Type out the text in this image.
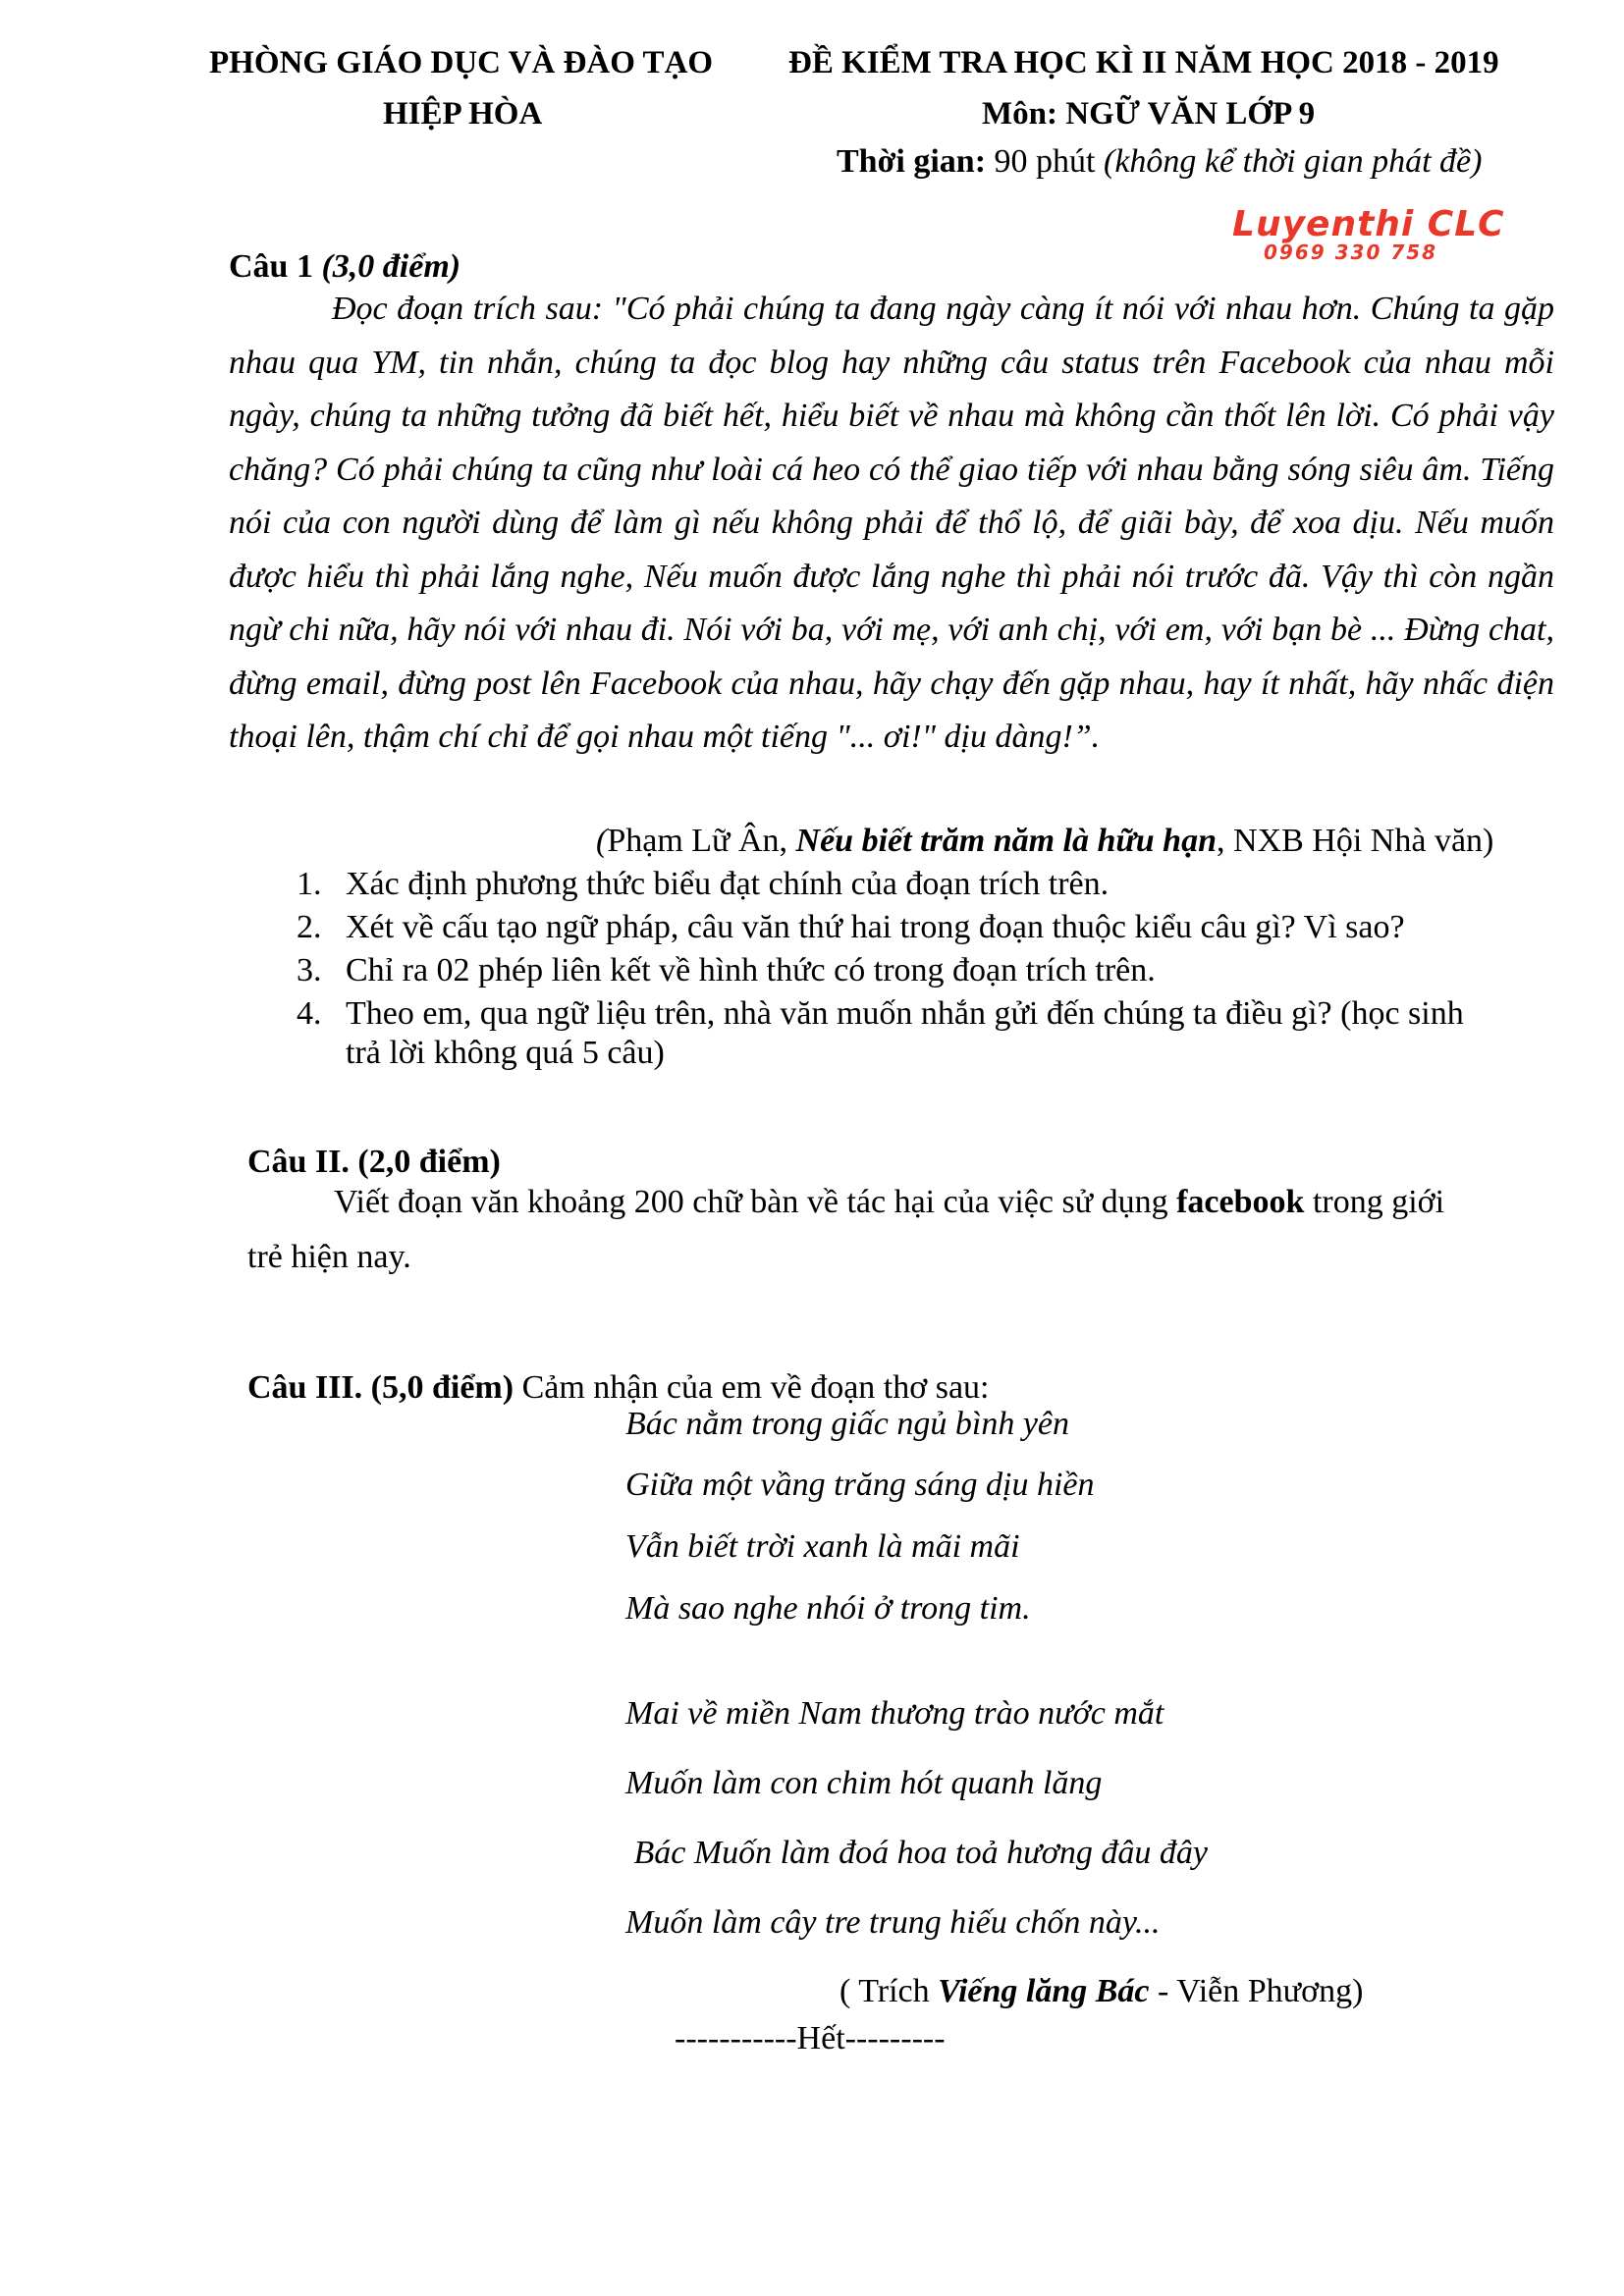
PHÒNG GIÁO DỤC VÀ ĐÀO TẠO
HIỆP HÒA
ĐỀ KIỂM TRA HỌC KÌ II NĂM HỌC 2018 - 2019
Môn: NGỮ VĂN LỚP 9
Thời gian: 90 phút (không kể thời gian phát đề)
Luyenthi CLC
0969 330 758
Câu 1 (3,0 điểm)

Đọc đoạn trích sau: "Có phải chúng ta đang ngày càng ít nói với nhau hơn. Chúng ta gặp nhau qua YM, tin nhắn, chúng ta đọc blog hay những câu status trên Facebook của nhau mỗi ngày, chúng ta những tưởng đã biết hết, hiểu biết về nhau mà không cần thốt lên lời. Có phải vậy chăng? Có phải chúng ta cũng như loài cá heo có thể giao tiếp với nhau bằng sóng siêu âm. Tiếng nói của con người dùng để làm gì nếu không phải để thổ lộ, để giãi bày, để xoa dịu. Nếu muốn được hiểu thì phải lắng nghe, Nếu muốn được lắng nghe thì phải nói trước đã. Vậy thì còn ngần ngừ chi nữa, hãy nói với nhau đi. Nói với ba, với mẹ, với anh chị, với em, với bạn bè ... Đừng chat, đừng email, đừng post lên Facebook của nhau, hãy chạy đến gặp nhau, hay ít nhất, hãy nhấc điện thoại lên, thậm chí chỉ để gọi nhau một tiếng "... ơi!" dịu dàng!”.

(Phạm Lữ Ân, Nếu biết trăm năm là hữu hạn, NXB Hội Nhà văn)
1. Xác định phương thức biểu đạt chính của đoạn trích trên.
2. Xét về cấu tạo ngữ pháp, câu văn thứ hai trong đoạn thuộc kiểu câu gì? Vì sao?
3. Chỉ ra 02 phép liên kết về hình thức có trong đoạn trích trên.
4. Theo em, qua ngữ liệu trên, nhà văn muốn nhắn gửi đến chúng ta điều gì? (học sinh
trả lời không quá 5 câu)
Câu II. (2,0 điểm)
Viết đoạn văn khoảng 200 chữ bàn về tác hại của việc sử dụng facebook trong giới
trẻ hiện nay.
Câu III. (5,0 điểm) Cảm nhận của em về đoạn thơ sau:
Bác nằm trong giấc ngủ bình yên
Giữa một vầng trăng sáng dịu hiền
Vẫn biết trời xanh là mãi mãi
Mà sao nghe nhói ở trong tim.
Mai về miền Nam thương trào nước mắt
Muốn làm con chim hót quanh lăng
Bác Muốn làm đoá hoa toả hương đâu đây
Muốn làm cây tre trung hiếu chốn này...
( Trích Viếng lăng Bác - Viễn Phương)
-----------Hết---------
